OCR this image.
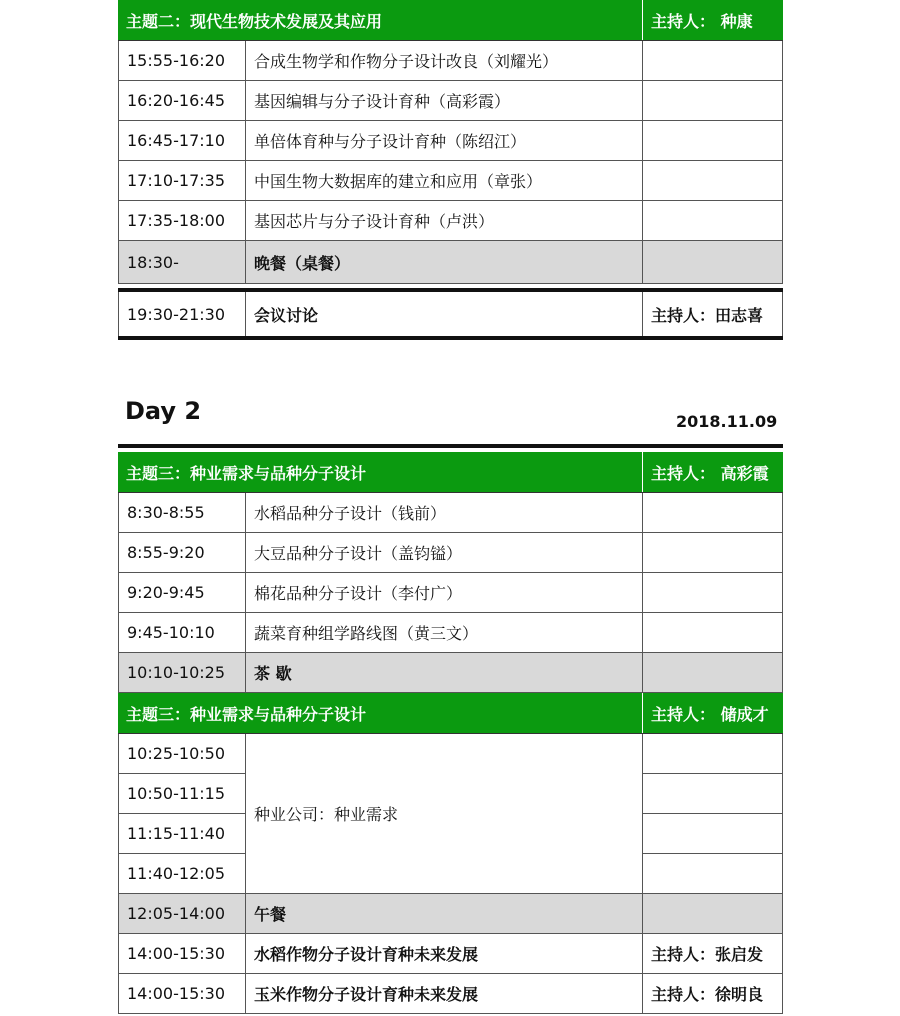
主题二：现代生物技术发展及其应用	主持人： 种康
15:55-16:20	合成生物学和作物分子设计改良（刘耀光）
16:20-16:45	基因编辑与分子设计育种（高彩霞）
16:45-17:10	单倍体育种与分子设计育种（陈绍江）
17:10-17:35	中国生物大数据库的建立和应用（章张）
17:35-18:00	基因芯片与分子设计育种（卢洪）
18:30-	晚餐（桌餐）
19:30-21:30	会议讨论	主持人：田志喜
Day 2	2018.11.09
主题三：种业需求与品种分子设计	主持人： 高彩霞
8:30-8:55	水稻品种分子设计（钱前）
8:55-9:20	大豆品种分子设计（盖钧镒）
9:20-9:45	棉花品种分子设计（李付广）
9:45-10:10	蔬菜育种组学路线图（黄三文）
10:10-10:25	茶 歇
主题三：种业需求与品种分子设计	主持人： 储成才
10:25-10:50
10:50-11:15
11:15-11:40
11:40-12:05
种业公司：种业需求
12:05-14:00	午餐
14:00-15:30	水稻作物分子设计育种未来发展	主持人：张启发
14:00-15:30	玉米作物分子设计育种未来发展	主持人：徐明良
